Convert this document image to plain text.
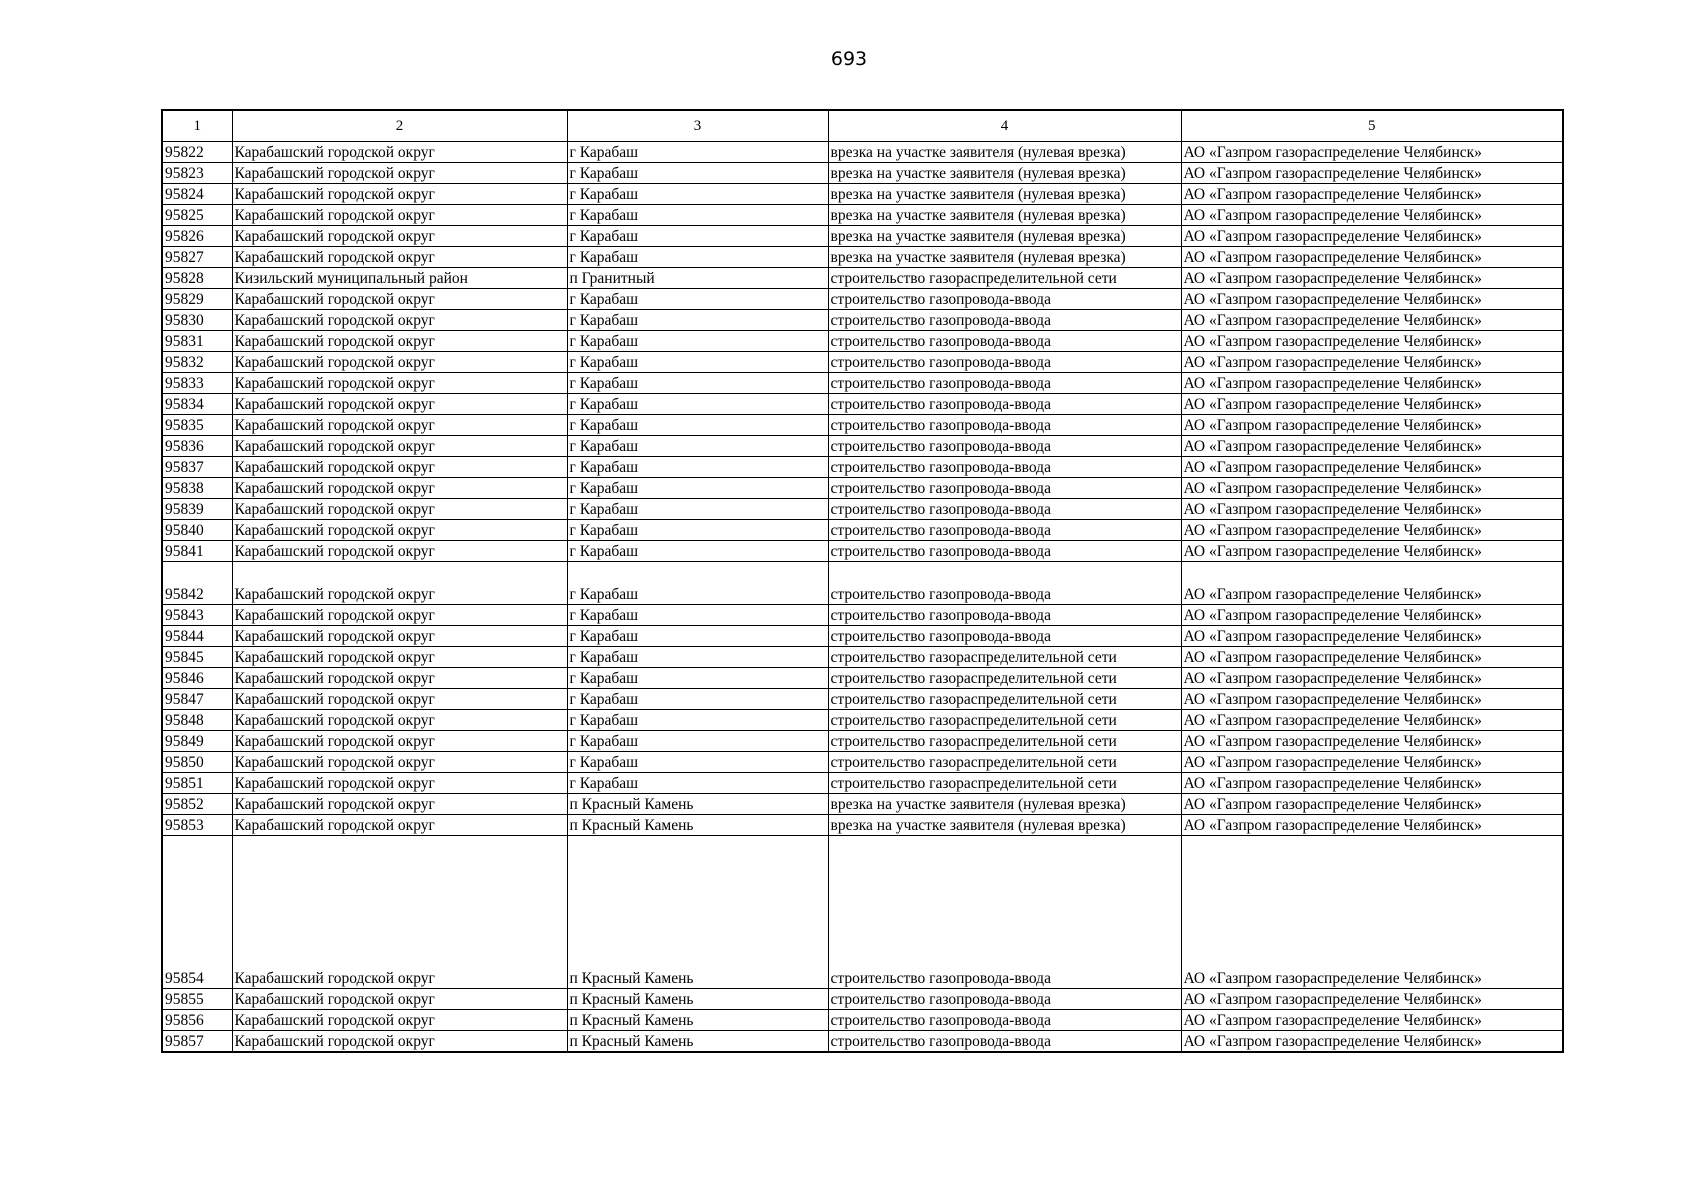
693
1	2	3	4	5
95822	Карабашский городской округ	г Карабаш	врезка на участке заявителя (нулевая врезка)	АО «Газпром газораспределение Челябинск»
95823	Карабашский городской округ	г Карабаш	врезка на участке заявителя (нулевая врезка)	АО «Газпром газораспределение Челябинск»
95824	Карабашский городской округ	г Карабаш	врезка на участке заявителя (нулевая врезка)	АО «Газпром газораспределение Челябинск»
95825	Карабашский городской округ	г Карабаш	врезка на участке заявителя (нулевая врезка)	АО «Газпром газораспределение Челябинск»
95826	Карабашский городской округ	г Карабаш	врезка на участке заявителя (нулевая врезка)	АО «Газпром газораспределение Челябинск»
95827	Карабашский городской округ	г Карабаш	врезка на участке заявителя (нулевая врезка)	АО «Газпром газораспределение Челябинск»
95828	Кизильский муниципальный район	п Гранитный	строительство газораспределительной сети	АО «Газпром газораспределение Челябинск»
95829	Карабашский городской округ	г Карабаш	строительство газопровода-ввода	АО «Газпром газораспределение Челябинск»
95830	Карабашский городской округ	г Карабаш	строительство газопровода-ввода	АО «Газпром газораспределение Челябинск»
95831	Карабашский городской округ	г Карабаш	строительство газопровода-ввода	АО «Газпром газораспределение Челябинск»
95832	Карабашский городской округ	г Карабаш	строительство газопровода-ввода	АО «Газпром газораспределение Челябинск»
95833	Карабашский городской округ	г Карабаш	строительство газопровода-ввода	АО «Газпром газораспределение Челябинск»
95834	Карабашский городской округ	г Карабаш	строительство газопровода-ввода	АО «Газпром газораспределение Челябинск»
95835	Карабашский городской округ	г Карабаш	строительство газопровода-ввода	АО «Газпром газораспределение Челябинск»
95836	Карабашский городской округ	г Карабаш	строительство газопровода-ввода	АО «Газпром газораспределение Челябинск»
95837	Карабашский городской округ	г Карабаш	строительство газопровода-ввода	АО «Газпром газораспределение Челябинск»
95838	Карабашский городской округ	г Карабаш	строительство газопровода-ввода	АО «Газпром газораспределение Челябинск»
95839	Карабашский городской округ	г Карабаш	строительство газопровода-ввода	АО «Газпром газораспределение Челябинск»
95840	Карабашский городской округ	г Карабаш	строительство газопровода-ввода	АО «Газпром газораспределение Челябинск»
95841	Карабашский городской округ	г Карабаш	строительство газопровода-ввода	АО «Газпром газораспределение Челябинск»
95842	Карабашский городской округ	г Карабаш	строительство газопровода-ввода	АО «Газпром газораспределение Челябинск»
95843	Карабашский городской округ	г Карабаш	строительство газопровода-ввода	АО «Газпром газораспределение Челябинск»
95844	Карабашский городской округ	г Карабаш	строительство газопровода-ввода	АО «Газпром газораспределение Челябинск»
95845	Карабашский городской округ	г Карабаш	строительство газораспределительной сети	АО «Газпром газораспределение Челябинск»
95846	Карабашский городской округ	г Карабаш	строительство газораспределительной сети	АО «Газпром газораспределение Челябинск»
95847	Карабашский городской округ	г Карабаш	строительство газораспределительной сети	АО «Газпром газораспределение Челябинск»
95848	Карабашский городской округ	г Карабаш	строительство газораспределительной сети	АО «Газпром газораспределение Челябинск»
95849	Карабашский городской округ	г Карабаш	строительство газораспределительной сети	АО «Газпром газораспределение Челябинск»
95850	Карабашский городской округ	г Карабаш	строительство газораспределительной сети	АО «Газпром газораспределение Челябинск»
95851	Карабашский городской округ	г Карабаш	строительство газораспределительной сети	АО «Газпром газораспределение Челябинск»
95852	Карабашский городской округ	п Красный Камень	врезка на участке заявителя (нулевая врезка)	АО «Газпром газораспределение Челябинск»
95853	Карабашский городской округ	п Красный Камень	врезка на участке заявителя (нулевая врезка)	АО «Газпром газораспределение Челябинск»
95854	Карабашский городской округ	п Красный Камень	строительство газопровода-ввода	АО «Газпром газораспределение Челябинск»
95855	Карабашский городской округ	п Красный Камень	строительство газопровода-ввода	АО «Газпром газораспределение Челябинск»
95856	Карабашский городской округ	п Красный Камень	строительство газопровода-ввода	АО «Газпром газораспределение Челябинск»
95857	Карабашский городской округ	п Красный Камень	строительство газопровода-ввода	АО «Газпром газораспределение Челябинск»
